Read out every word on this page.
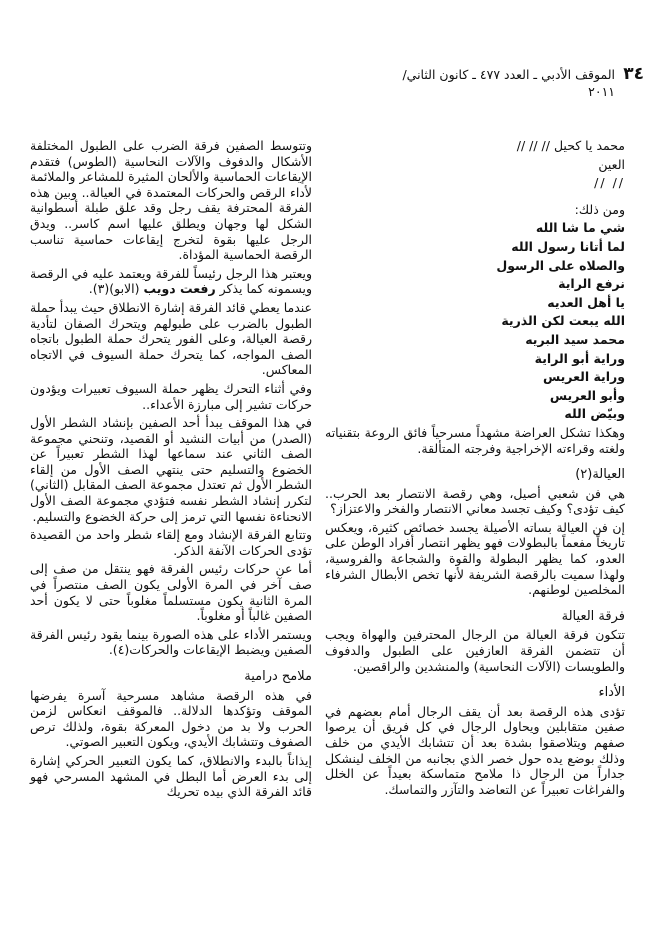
٣٤
الموقف الأدبي ـ العدد ٤٧٧ ـ كانون الثاني/
٢٠١١

محمد يا كحيل // // //

العين

// //

ومن ذلك:

شي ما شا الله

لما أتانا رسول الله

والصلاه على الرسول

نرفع الراية

يا أهل العديه

الله يبعت لكن الذرية

محمد سيد البريه

وراية أبو الراية

وراية العريس

وأبو العريس

وبيّض الله

وهكذا تشكل العراضة مشهداً مسرحياً فائق الروعة بتقنياته ولغته وقراءته الإخراجية وفرجته المتألقة.

العيالة(٢)

هي فن شعبي أصيل، وهي رقصة الانتصار بعد الحرب.. كيف تؤدى؟ وكيف تجسد معاني الانتصار والفخر والاعتزاز؟

إن فن العيالة بساته الأصيلة يجسد خصائص كثيرة، ويعكس تاريخاً مفعماً بالبطولات فهو يظهر انتصار أفراد الوطن على العدو، كما يظهر البطولة والقوة والشجاعة والفروسية، ولهذا سميت بالرقصة الشريفة لأنها تخص الأبطال الشرفاء المخلصين لوطنهم.

فرقة العيالة

تتكون فرقة العيالة من الرجال المحترفين والهواة ويجب أن تتضمن الفرقة العازفين على الطبول والدفوف والطويسات (الآلات النحاسية) والمنشدين والراقصين.

الأداء

تؤدى هذه الرقصة بعد أن يقف الرجال أمام بعضهم في صفين متقابلين ويحاول الرجال في كل فريق أن يرصوا صفهم ويتلاصقوا بشدة بعد أن تتشابك الأيدي من خلف وذلك بوضع يده حول خصر الذي بجانبه من الخلف لينشكل جداراً من الرجال ذا ملامح متماسكة بعيداً عن الخلل والفراغات تعبيراً عن التعاضد والتآزر والتماسك.

وتتوسط الصفين فرقة الضرب على الطبول المختلفة الأشكال والدفوف والآلات النحاسية (الطوس) فتقدم الإيقاعات الحماسية والألحان المثيرة للمشاعر والملائمة لأداء الرقص والحركات المعتمدة في العيالة.. وبين هذه الفرقة المحترفة يقف رجل وقد علق طبلة أسطوانية الشكل لها وجهان ويطلق عليها اسم كاسر.. ويدق الرجل عليها بقوة لتخرج إيقاعات حماسية تناسب الرقصة الحماسية المؤداة.

ويعتبر هذا الرجل رئيساً للفرقة ويعتمد عليه في الرقصة ويسمونه كما يذكر رفعت دويب (الابو)(٣).

عندما يعطي قائد الفرقة إشارة الانطلاق حيث يبدأ حملة الطبول بالضرب على طبولهم ويتحرك الصفان لتأدية رقصة العيالة، وعلى الفور يتحرك حملة الطبول باتجاه الصف المواجه، كما يتحرك حملة السيوف في الاتجاه المعاكس.

وفي أثناء التحرك يظهر حملة السيوف تعبيرات ويؤدون حركات تشير إلى مبارزة الأعداء..

في هذا الموقف يبدأ أحد الصفين بإنشاد الشطر الأول (الصدر) من أبيات النشيد أو القصيد، وتنحني مجموعة الصف الثاني عند سماعها لهذا الشطر تعبيراً عن الخضوع والتسليم حتى ينتهي الصف الأول من إلقاء الشطر الأول ثم تعتدل مجموعة الصف المقابل (الثاني) لتكرر إنشاد الشطر نفسه فتؤدي مجموعة الصف الأول الانحناءة نفسها التي ترمز إلى حركة الخضوع والتسليم.

وتتابع الفرقة الإنشاد ومع إلقاء شطر واحد من القصيدة تؤدى الحركات الآنفة الذكر.

أما عن حركات رئيس الفرقة فهو ينتقل من صف إلى صف آخر في المرة الأولى يكون الصف منتصراً في المرة الثانية يكون مستسلماً مغلوباً حتى لا يكون أحد الصفين غالباً أو مغلوباً.

ويستمر الأداء على هذه الصورة بينما يقود رئيس الفرقة الصفين ويضبط الإيقاعات والحركات(٤).

ملامح درامية

في هذه الرقصة مشاهد مسرحية آسرة يفرضها الموقف وتؤكدها الدلالة.. فالموقف انعكاس لزمن الحرب ولا بد من دخول المعركة بقوة، ولذلك ترص الصفوف وتتشابك الأيدي، ويكون التعبير الصوتي.

إيذاناً بالبدء والانطلاق، كما يكون التعبير الحركي إشارة إلى بدء العرض أما البطل في المشهد المسرحي فهو قائد الفرقة الذي بيده تحريك
